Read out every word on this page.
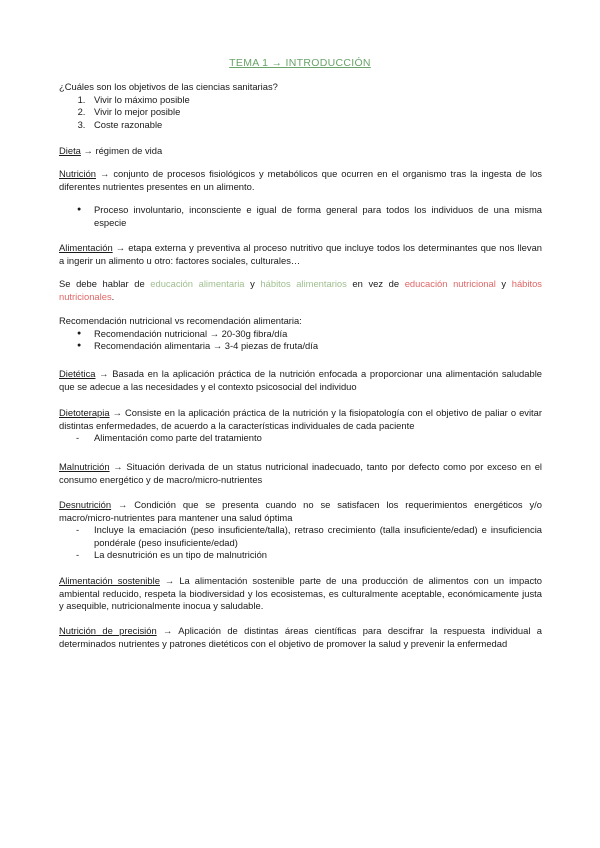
TEMA 1 → INTRODUCCIÓN

¿Cuáles son los objetivos de las ciencias sanitarias?

1. Vivir lo máximo posible
2. Vivir lo mejor posible
3. Coste razonable

Dieta → régimen de vida

Nutrición → conjunto de procesos fisiológicos y metabólicos que ocurren en el organismo tras la ingesta de los diferentes nutrientes presentes en un alimento.

● Proceso involuntario, inconsciente e igual de forma general para todos los individuos de una misma especie

Alimentación → etapa externa y preventiva al proceso nutritivo que incluye todos los determinantes que nos llevan a ingerir un alimento u otro: factores sociales, culturales…

Se debe hablar de educación alimentaria y hábitos alimentarios en vez de educación nutricional y hábitos nutricionales.

Recomendación nutricional vs recomendación alimentaria:

● Recomendación nutricional → 20-30g fibra/día
● Recomendación alimentaria → 3-4 piezas de fruta/día

Dietética → Basada en la aplicación práctica de la nutrición enfocada a proporcionar una alimentación saludable que se adecue a las necesidades y el contexto psicosocial del individuo

Dietoterapia → Consiste en la aplicación práctica de la nutrición y la fisiopatología con el objetivo de paliar o evitar distintas enfermedades, de acuerdo a la características individuales de cada paciente

- Alimentación como parte del tratamiento

Malnutrición → Situación derivada de un status nutricional inadecuado, tanto por defecto como por exceso en el consumo energético y de macro/micro-nutrientes

Desnutrición → Condición que se presenta cuando no se satisfacen los requerimientos energéticos y/o macro/micro-nutrientes para mantener una salud óptima

- Incluye la emaciación (peso insuficiente/talla), retraso crecimiento (talla insuficiente/edad) e insuficiencia pondérale (peso insuficiente/edad)
- La desnutrición es un tipo de malnutrición

Alimentación sostenible → La alimentación sostenible parte de una producción de alimentos con un impacto ambiental reducido, respeta la biodiversidad y los ecosistemas, es culturalmente aceptable, económicamente justa y asequible, nutricionalmente inocua y saludable.

Nutrición de precisión → Aplicación de distintas áreas científicas para descifrar la respuesta individual a determinados nutrientes y patrones dietéticos con el objetivo de promover la salud y prevenir la enfermedad
